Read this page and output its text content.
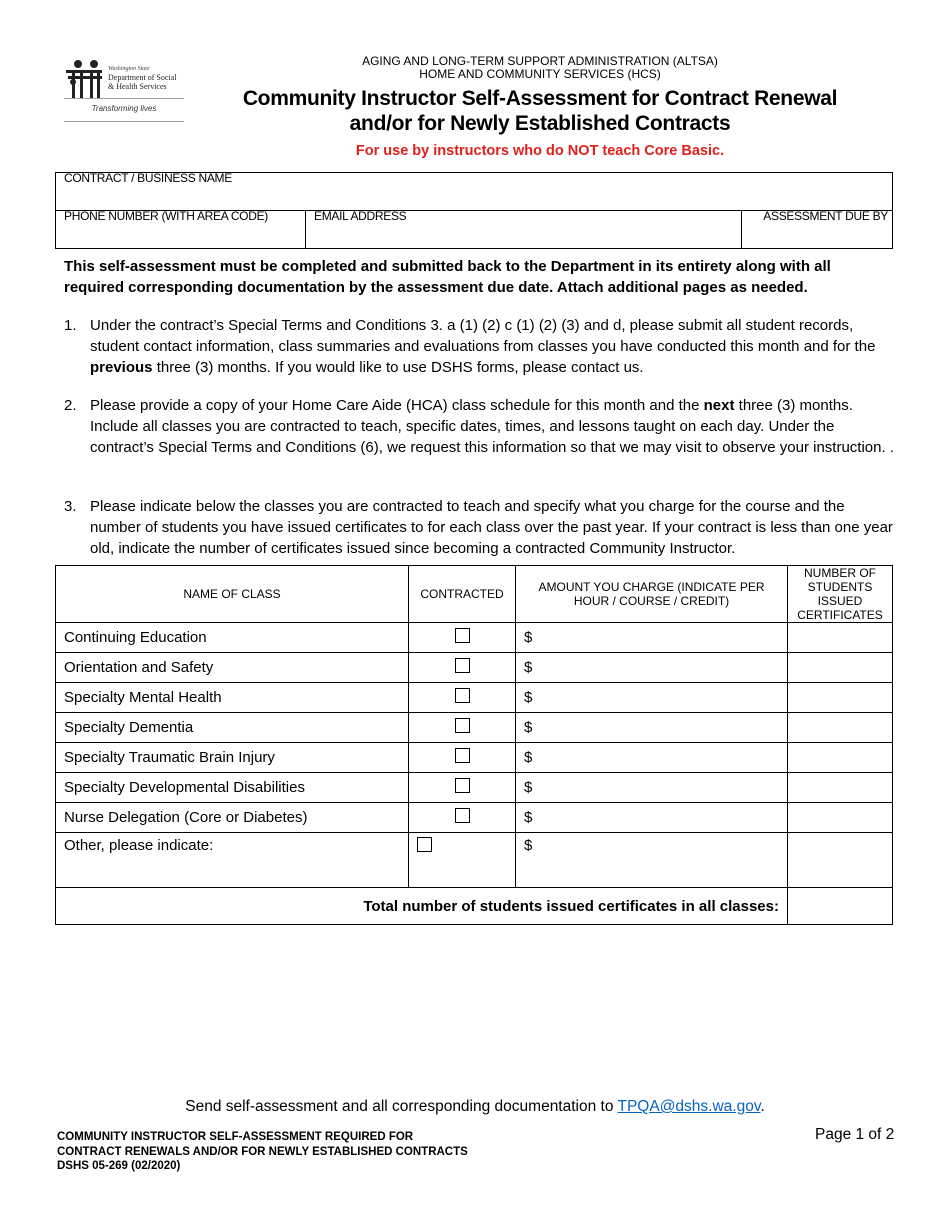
Washington State
Department of Social
& Health Services
Transforming lives
AGING AND LONG-TERM SUPPORT ADMINISTRATION (ALTSA)
HOME AND COMMUNITY SERVICES (HCS)
Community Instructor Self-Assessment for Contract Renewal
and/or for Newly Established Contracts
For use by instructors who do NOT teach Core Basic.
CONTRACT / BUSINESS NAME
PHONE NUMBER (WITH AREA CODE)	EMAIL ADDRESS	ASSESSMENT DUE BY
This self-assessment must be completed and submitted back to the Department in its entirety along with all required corresponding documentation by the assessment due date. Attach additional pages as needed.
1. Under the contract’s Special Terms and Conditions 3. a (1) (2) c (1) (2) (3) and d, please submit all student records, student contact information, class summaries and evaluations from classes you have conducted this month and for the previous three (3) months. If you would like to use DSHS forms, please contact us.
2. Please provide a copy of your Home Care Aide (HCA) class schedule for this month and the next three (3) months. Include all classes you are contracted to teach, specific dates, times, and lessons taught on each day. Under the contract’s Special Terms and Conditions (6), we request this information so that we may visit to observe your instruction. .
3. Please indicate below the classes you are contracted to teach and specify what you charge for the course and the number of students you have issued certificates to for each class over the past year. If your contract is less than one year old, indicate the number of certificates issued since becoming a contracted Community Instructor.
NAME OF CLASS	CONTRACTED	AMOUNT YOU CHARGE (INDICATE PER HOUR / COURSE / CREDIT)	NUMBER OF STUDENTS ISSUED CERTIFICATES
Continuing Education		$	
Orientation and Safety		$	
Specialty Mental Health		$	
Specialty Dementia		$	
Specialty Traumatic Brain Injury		$	
Specialty Developmental Disabilities		$	
Nurse Delegation (Core or Diabetes)		$	
Other, please indicate:		$	
Total number of students issued certificates in all classes:			
Send self-assessment and all corresponding documentation to TPQA@dshs.wa.gov.
COMMUNITY INSTRUCTOR SELF-ASSESSMENT REQUIRED FOR
CONTRACT RENEWALS AND/OR FOR NEWLY ESTABLISHED CONTRACTS
DSHS 05-269 (02/2020)
Page 1 of 2
